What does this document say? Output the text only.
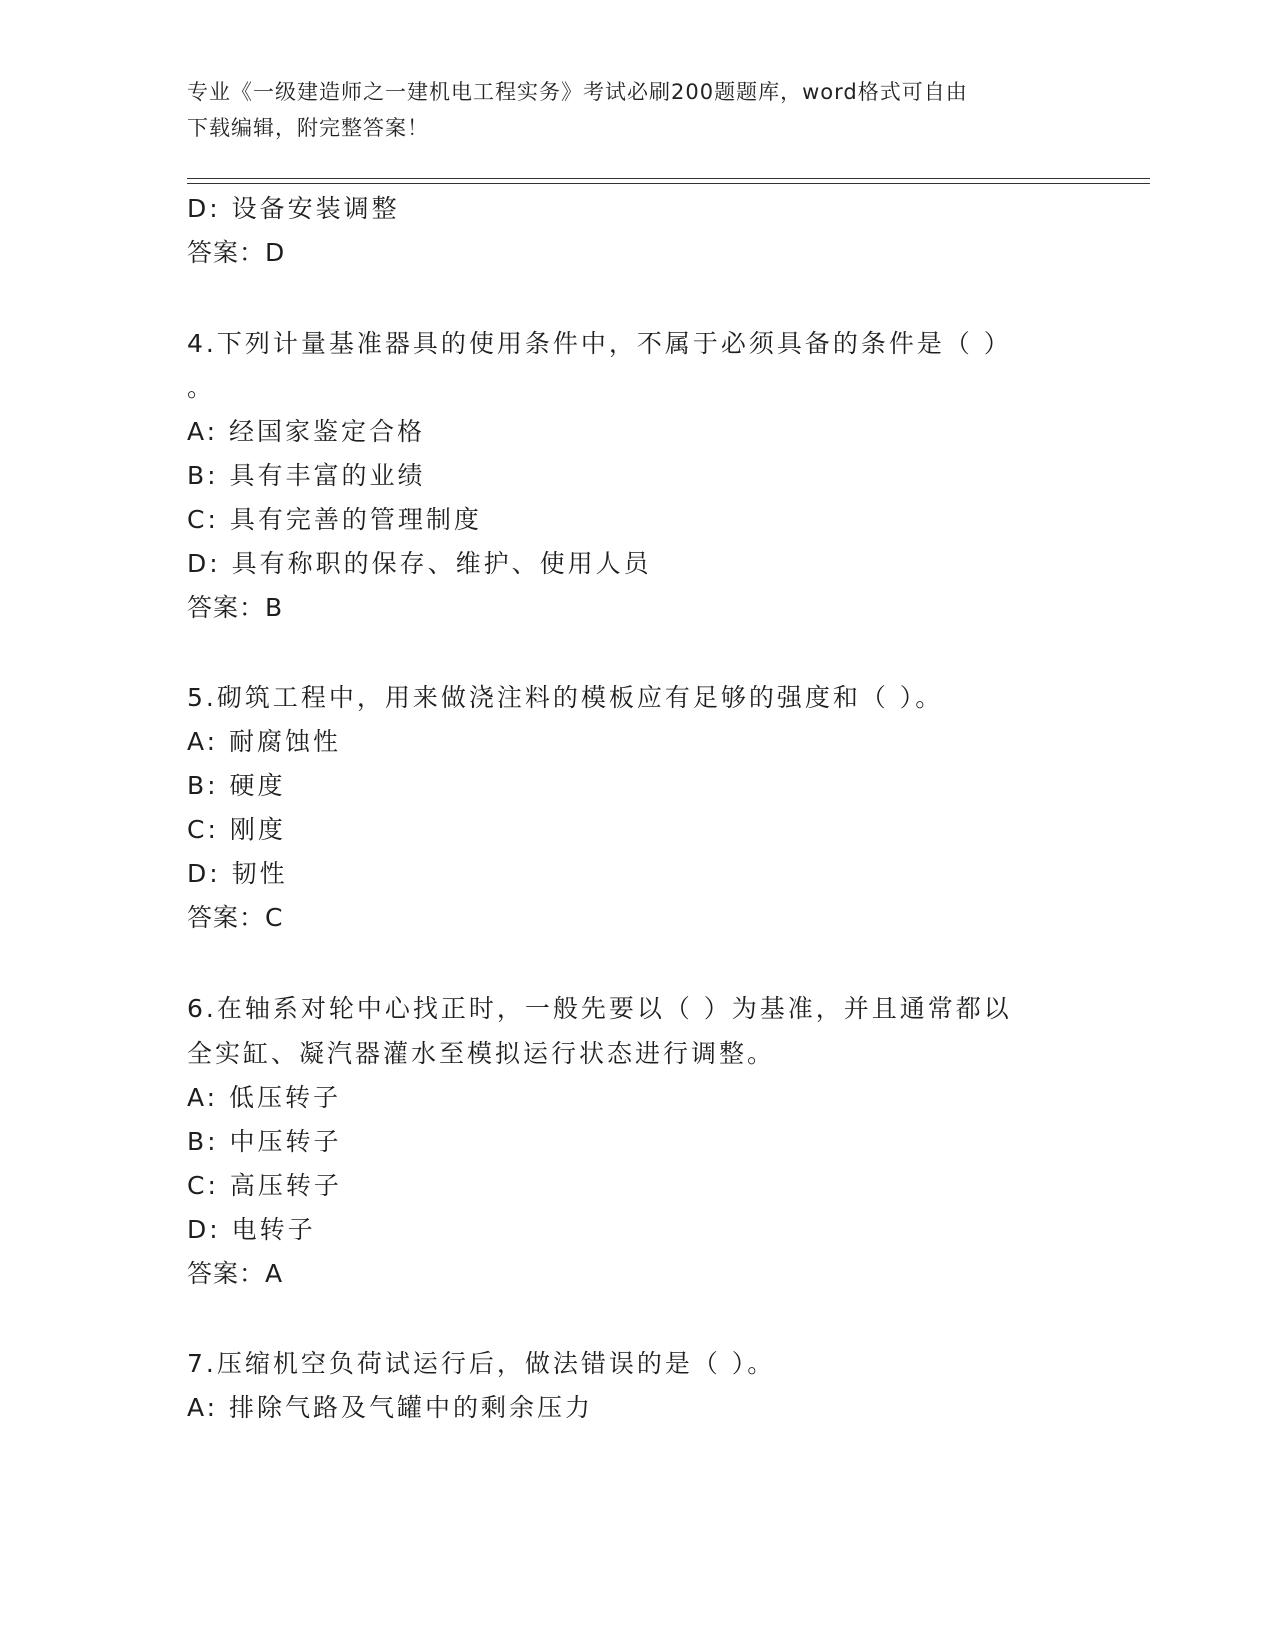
专业《一级建造师之一建机电工程实务》考试必刷200题题库，word格式可自由
下载编辑，附完整答案！
D: 设备安装调整
答案：D
4.下列计量基准器具的使用条件中，不属于必须具备的条件是（ ）
。
A: 经国家鉴定合格
B: 具有丰富的业绩
C: 具有完善的管理制度
D: 具有称职的保存、维护、使用人员
答案：B
5.砌筑工程中，用来做浇注料的模板应有足够的强度和（ ）。
A: 耐腐蚀性
B: 硬度
C: 刚度
D: 韧性
答案：C
6.在轴系对轮中心找正时，一般先要以（ ）为基准，并且通常都以
全实缸、凝汽器灌水至模拟运行状态进行调整。
A: 低压转子
B: 中压转子
C: 高压转子
D: 电转子
答案：A
7.压缩机空负荷试运行后，做法错误的是（ ）。
A: 排除气路及气罐中的剩余压力
